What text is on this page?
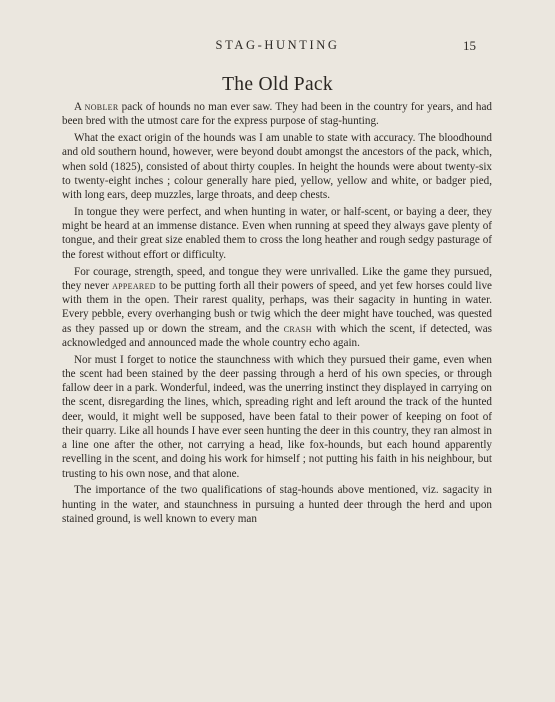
STAG-HUNTING	15
The Old Pack

A nobler pack of hounds no man ever saw. They had been in the country for years, and had been bred with the utmost care for the express purpose of stag-hunting.

What the exact origin of the hounds was I am unable to state with accuracy. The bloodhound and old southern hound, however, were beyond doubt amongst the ancestors of the pack, which, when sold (1825), consisted of about thirty couples. In height the hounds were about twenty-six to twenty-eight inches ; colour generally hare pied, yellow, yellow and white, or badger pied, with long ears, deep muzzles, large throats, and deep chests.

In tongue they were perfect, and when hunting in water, or half-scent, or baying a deer, they might be heard at an immense distance. Even when running at speed they always gave plenty of tongue, and their great size enabled them to cross the long heather and rough sedgy pasturage of the forest without effort or difficulty.

For courage, strength, speed, and tongue they were unrivalled. Like the game they pursued, they never appeared to be putting forth all their powers of speed, and yet few horses could live with them in the open. Their rarest quality, perhaps, was their sagacity in hunting in water. Every pebble, every overhanging bush or twig which the deer might have touched, was quested as they passed up or down the stream, and the crash with which the scent, if detected, was acknowledged and announced made the whole country echo again.

Nor must I forget to notice the staunchness with which they pursued their game, even when the scent had been stained by the deer passing through a herd of his own species, or through fallow deer in a park. Wonderful, indeed, was the unerring instinct they displayed in carrying on the scent, disregarding the lines, which, spreading right and left around the track of the hunted deer, would, it might well be supposed, have been fatal to their power of keeping on foot of their quarry. Like all hounds I have ever seen hunting the deer in this country, they ran almost in a line one after the other, not carrying a head, like fox-hounds, but each hound apparently revelling in the scent, and doing his work for himself ; not putting his faith in his neighbour, but trusting to his own nose, and that alone.

The importance of the two qualifications of stag-hounds above mentioned, viz. sagacity in hunting in the water, and staunchness in pursuing a hunted deer through the herd and upon stained ground, is well known to every man
